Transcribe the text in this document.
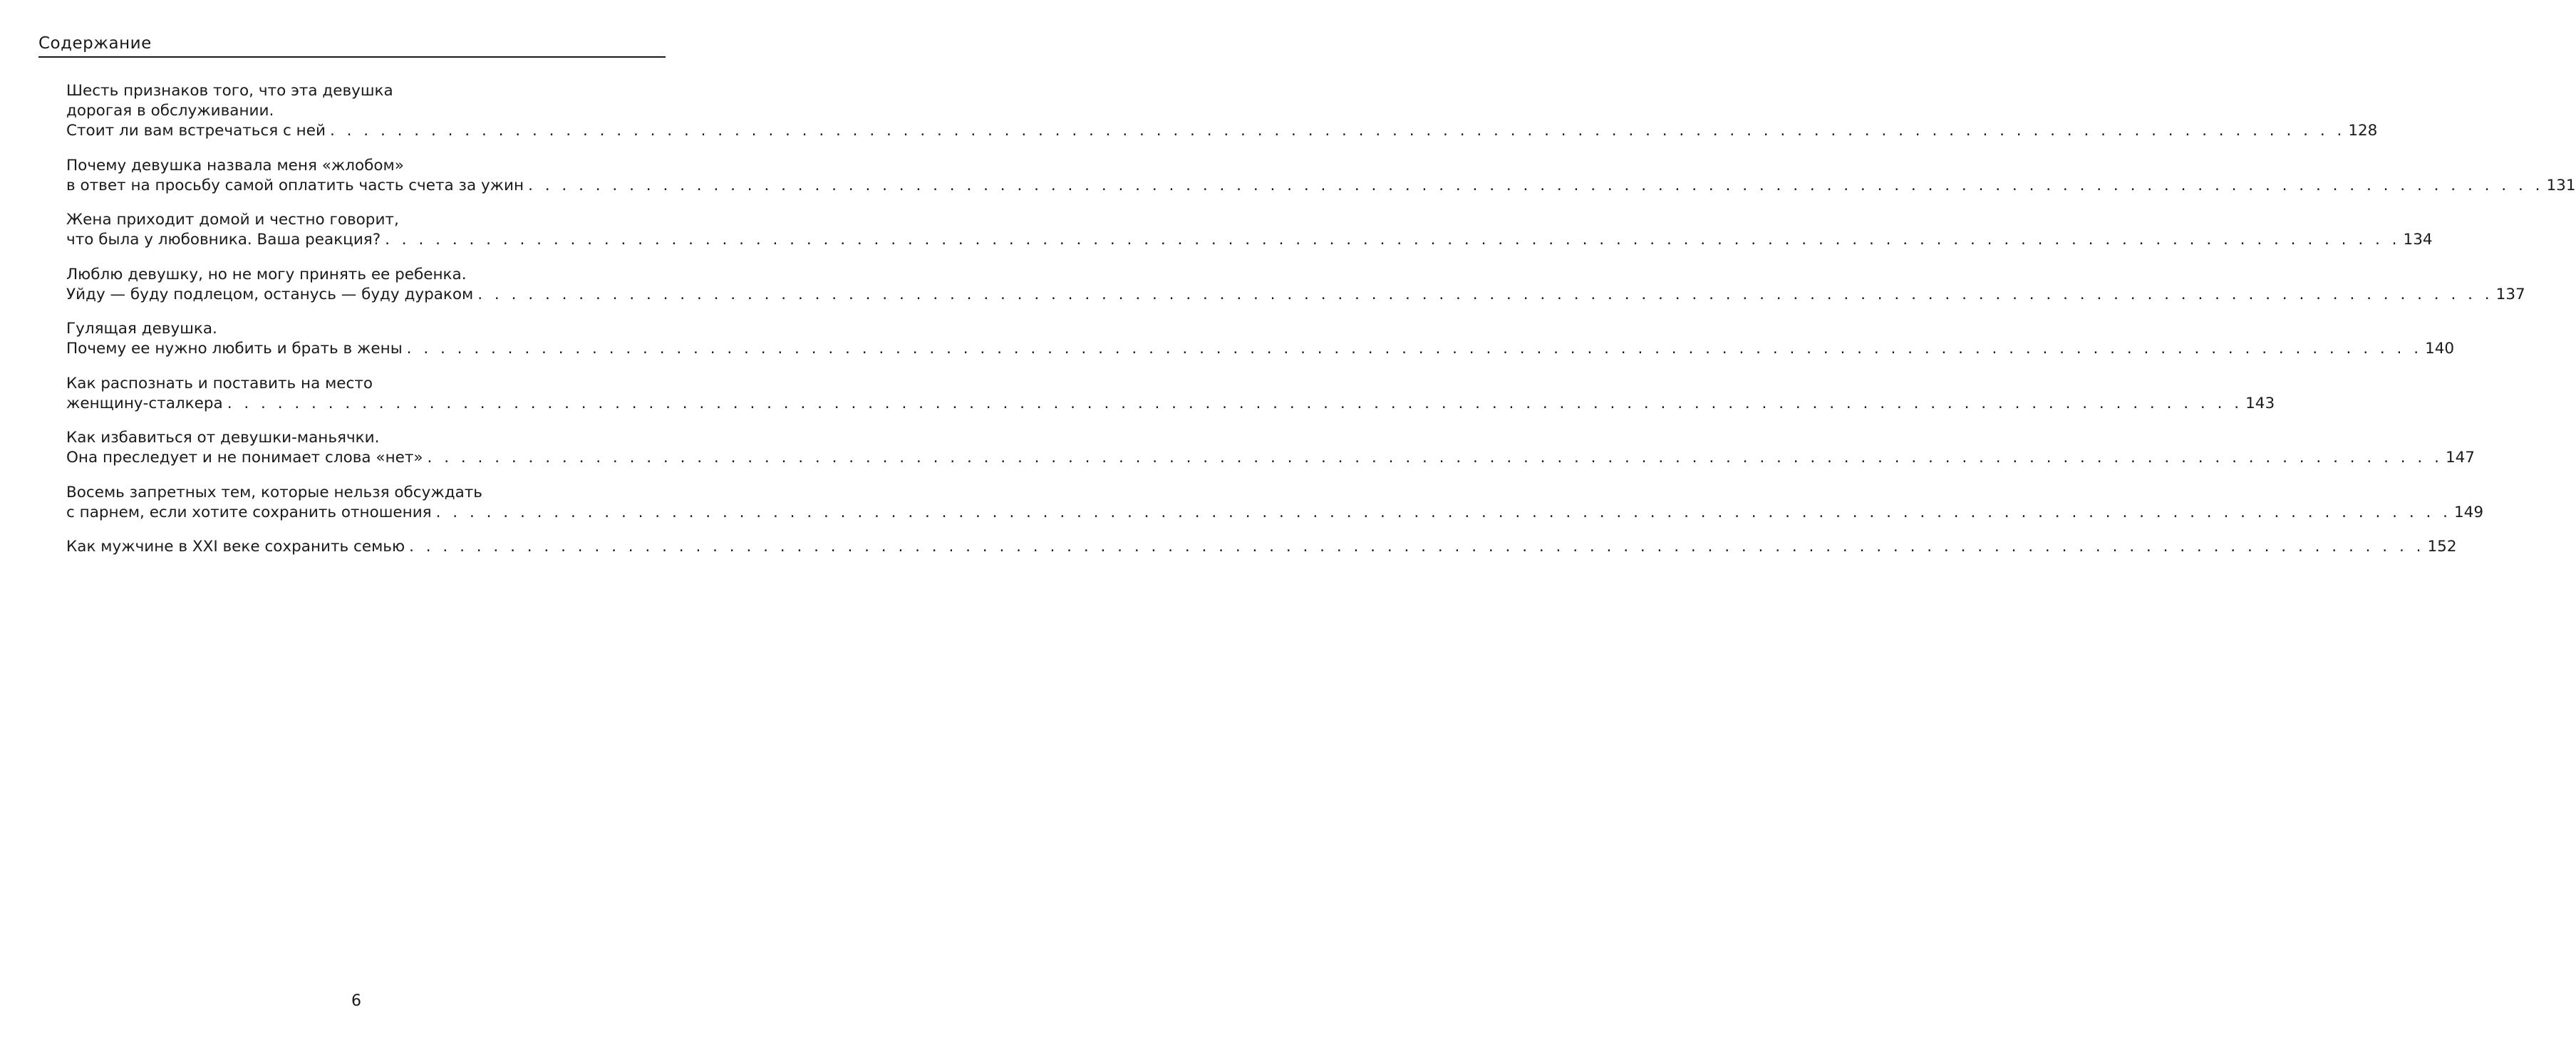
Содержание
Шесть признаков того, что эта девушка
дорогая в обслуживании.
Стоит ли вам встречаться с ней . . . . . . . . . . . . . . . . . . . . . . . . . . . . . . . . . . . . . . . . . . . . . . . . . . . . . . . . . . . . . . . . . . . . . . . . . . . . . . . . . . . . . . . . . . . . . . . . . . . . . . . . . . . . . . . . . . . . . . . . 128
Почему девушка назвала меня «жлобом»
в ответ на просьбу самой оплатить часть счета за ужин . . . . . . . . . . . . . . . . . . . . . . . . . . . . . . . . . . . . . . . . . . . . . . . . . . . . . . . . . . . . . . . . . . . . . . . . . . . . . . . . . . . . . . . . . . . . . . . . . . . . . . . . . . . . . . . . . . . . . . . . 131
Жена приходит домой и честно говорит,
что была у любовника. Ваша реакция? . . . . . . . . . . . . . . . . . . . . . . . . . . . . . . . . . . . . . . . . . . . . . . . . . . . . . . . . . . . . . . . . . . . . . . . . . . . . . . . . . . . . . . . . . . . . . . . . . . . . . . . . . . . . . . . . . . . . . . . . 134
Люблю девушку, но не могу принять ее ребенка.
Уйду — буду подлецом, останусь — буду дураком . . . . . . . . . . . . . . . . . . . . . . . . . . . . . . . . . . . . . . . . . . . . . . . . . . . . . . . . . . . . . . . . . . . . . . . . . . . . . . . . . . . . . . . . . . . . . . . . . . . . . . . . . . . . . . . . . . . . . . . . 137
Гулящая девушка.
Почему ее нужно любить и брать в жены . . . . . . . . . . . . . . . . . . . . . . . . . . . . . . . . . . . . . . . . . . . . . . . . . . . . . . . . . . . . . . . . . . . . . . . . . . . . . . . . . . . . . . . . . . . . . . . . . . . . . . . . . . . . . . . . . . . . . . . . 140
Как распознать и поставить на место
женщину-сталкера . . . . . . . . . . . . . . . . . . . . . . . . . . . . . . . . . . . . . . . . . . . . . . . . . . . . . . . . . . . . . . . . . . . . . . . . . . . . . . . . . . . . . . . . . . . . . . . . . . . . . . . . . . . . . . . . . . . . . . . . 143
Как избавиться от девушки-маньячки.
Она преследует и не понимает слова «нет» . . . . . . . . . . . . . . . . . . . . . . . . . . . . . . . . . . . . . . . . . . . . . . . . . . . . . . . . . . . . . . . . . . . . . . . . . . . . . . . . . . . . . . . . . . . . . . . . . . . . . . . . . . . . . . . . . . . . . . . . 147
Восемь запретных тем, которые нельзя обсуждать
с парнем, если хотите сохранить отношения . . . . . . . . . . . . . . . . . . . . . . . . . . . . . . . . . . . . . . . . . . . . . . . . . . . . . . . . . . . . . . . . . . . . . . . . . . . . . . . . . . . . . . . . . . . . . . . . . . . . . . . . . . . . . . . . . . . . . . . . 149
Как мужчине в XXI веке сохранить семью . . . . . . . . . . . . . . . . . . . . . . . . . . . . . . . . . . . . . . . . . . . . . . . . . . . . . . . . . . . . . . . . . . . . . . . . . . . . . . . . . . . . . . . . . . . . . . . . . . . . . . . . . . . . . . . . . . . . . . . . 152
6
